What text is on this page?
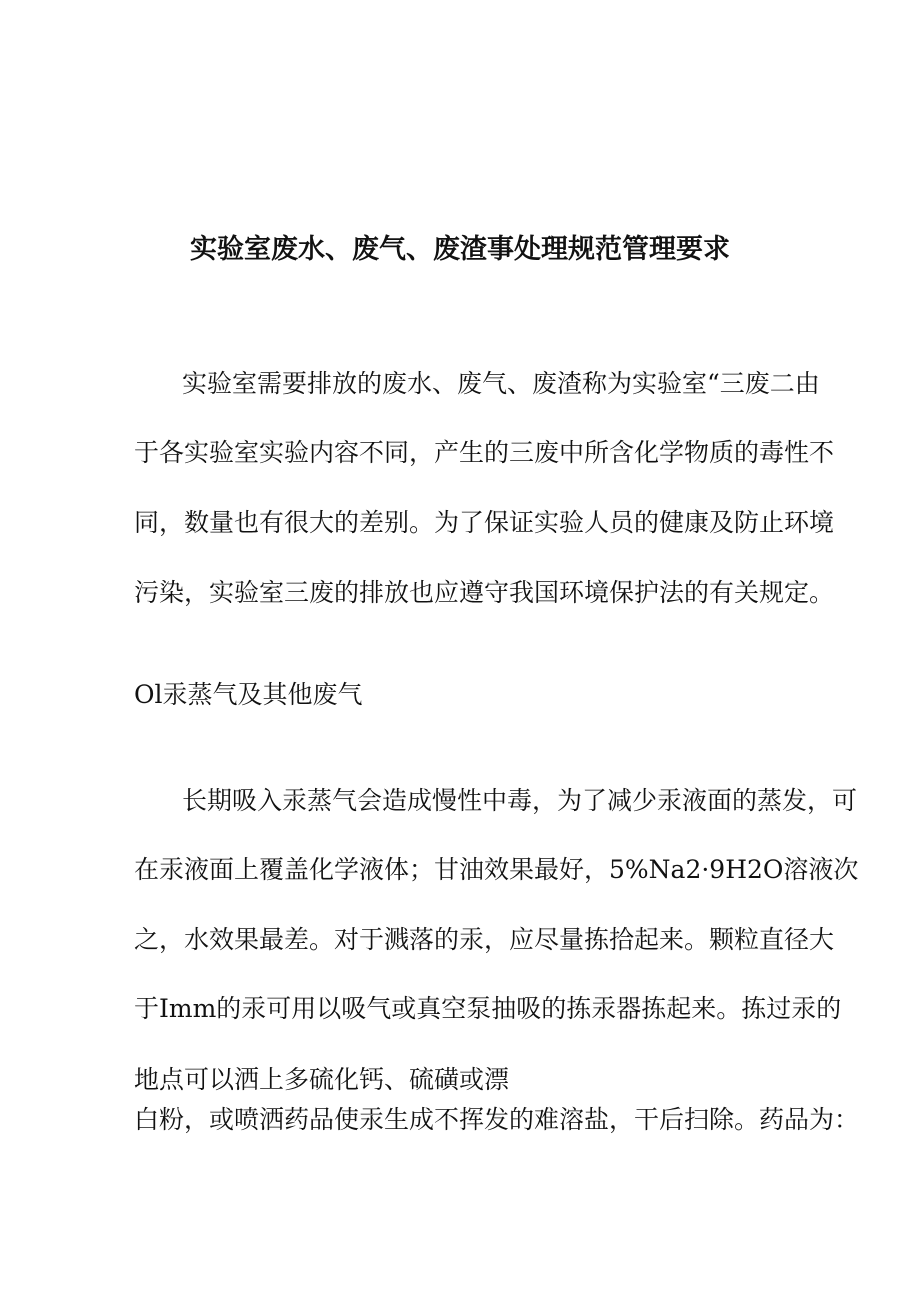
实验室废水、废气、废渣事处理规范管理要求

实验室需要排放的废水、废气、废渣称为实验室“三废二由

于各实验室实验内容不同，产生的三废中所含化学物质的毒性不

同，数量也有很大的差别。为了保证实验人员的健康及防止环境

污染，实验室三废的排放也应遵守我国环境保护法的有关规定。

Ol汞蒸气及其他废气

长期吸入汞蒸气会造成慢性中毒，为了减少汞液面的蒸发，可

在汞液面上覆盖化学液体；甘油效果最好，5%Na2·9H2O溶液次

之，水效果最差。对于溅落的汞，应尽量拣拾起来。颗粒直径大

于Imm的汞可用以吸气或真空泵抽吸的拣汞器拣起来。拣过汞的

地点可以洒上多硫化钙、硫磺或漂

白粉，或喷洒药品使汞生成不挥发的难溶盐，干后扫除。药品为：
